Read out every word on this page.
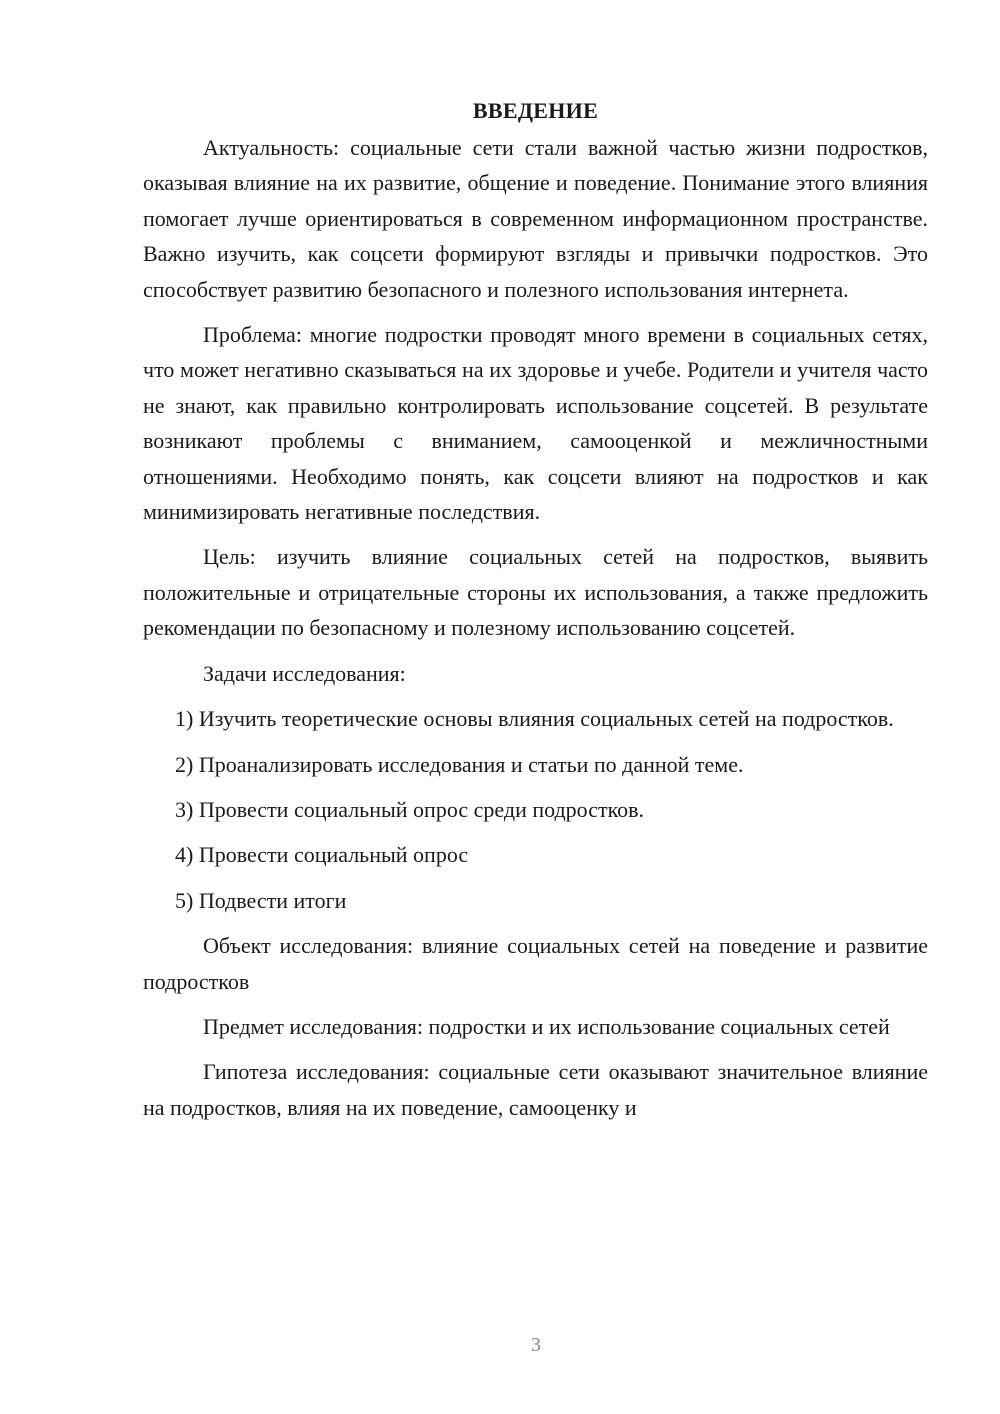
ВВЕДЕНИЕ

Актуальность: социальные сети стали важной частью жизни подростков, оказывая влияние на их развитие, общение и поведение. Понимание этого влияния помогает лучше ориентироваться в современном информационном пространстве. Важно изучить, как соцсети формируют взгляды и привычки подростков. Это способствует развитию безопасного и полезного использования интернета.

Проблема: многие подростки проводят много времени в социальных сетях, что может негативно сказываться на их здоровье и учебе. Родители и учителя часто не знают, как правильно контролировать использование соцсетей. В результате возникают проблемы с вниманием, самооценкой и межличностными отношениями. Необходимо понять, как соцсети влияют на подростков и как минимизировать негативные последствия.

Цель: изучить влияние социальных сетей на подростков, выявить положительные и отрицательные стороны их использования, а также предложить рекомендации по безопасному и полезному использованию соцсетей.

Задачи исследования:

1) Изучить теоретические основы влияния социальных сетей на подростков.

2) Проанализировать исследования и статьи по данной теме.

3) Провести социальный опрос среди подростков.

4) Провести социальный опрос

5) Подвести итоги

Объект исследования: влияние социальных сетей на поведение и развитие подростков

Предмет исследования: подростки и их использование социальных сетей

Гипотеза исследования: социальные сети оказывают значительное влияние на подростков, влияя на их поведение, самооценку и

3
